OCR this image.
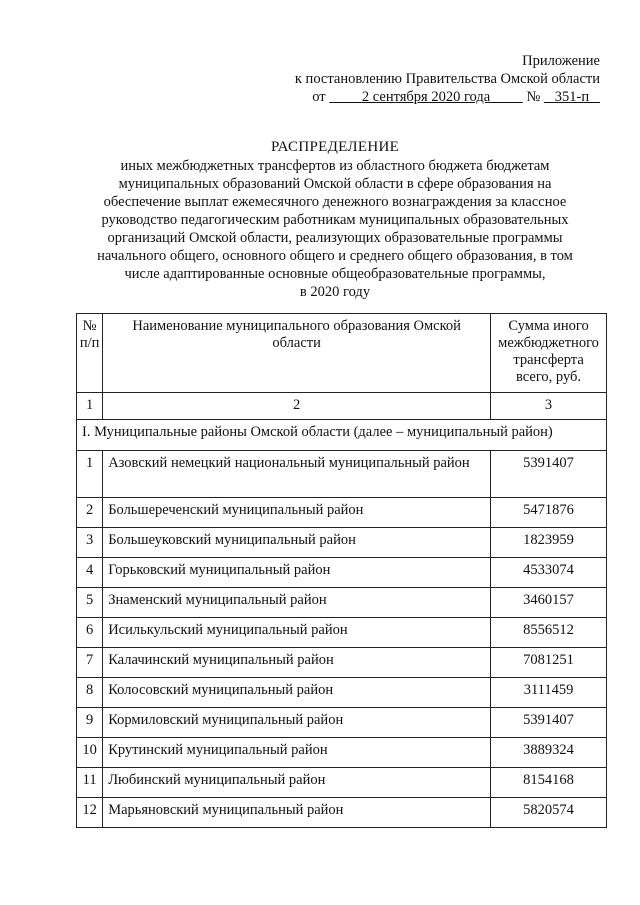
Приложение
к постановлению Правительства Омской области
от	2 сентября 2020 года	№ 351-п
РАСПРЕДЕЛЕНИЕ
иных межбюджетных трансфертов из областного бюджета бюджетам
муниципальных образований Омской области в сфере образования на
обеспечение выплат ежемесячного денежного вознаграждения за классное
руководство педагогическим работникам муниципальных образовательных
организаций Омской области, реализующих образовательные программы
начального общего, основного общего и среднего общего образования, в том
числе адаптированные основные общеобразовательные программы,
в 2020 году
№ п/п	Наименование муниципального образования Омской области	Сумма иного межбюджетного трансферта всего, руб.
1	2	3
I. Муниципальные районы Омской области (далее – муниципальный район)		
1	Азовский немецкий национальный муниципальный район	5391407
2	Большереченский муниципальный район	5471876
3	Большеуковский муниципальный район	1823959
4	Горьковский муниципальный район	4533074
5	Знаменский муниципальный район	3460157
6	Исилькульский муниципальный район	8556512
7	Калачинский муниципальный район	7081251
8	Колосовский муниципальный район	3111459
9	Кормиловский муниципальный район	5391407
10	Крутинский муниципальный район	3889324
11	Любинский муниципальный район	8154168
12	Марьяновский муниципальный район	5820574
